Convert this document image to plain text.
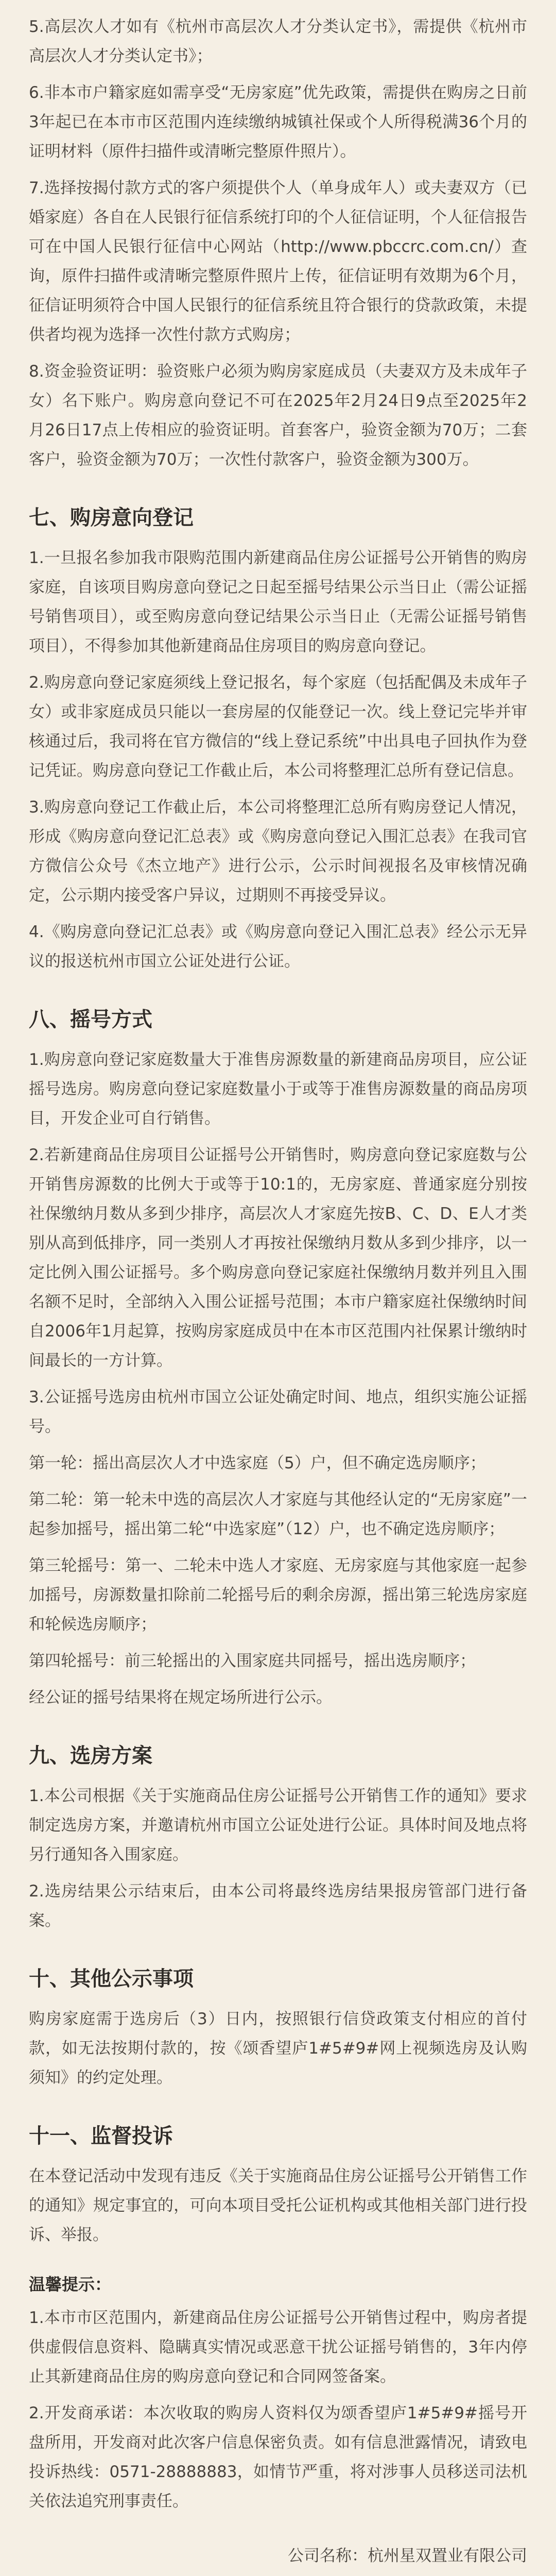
5.高层次人才如有《杭州市高层次人才分类认定书》，需提供《杭州市高层次人才分类认定书》；

6.非本市户籍家庭如需享受“无房家庭”优先政策，需提供在购房之日前3年起已在本市市区范围内连续缴纳城镇社保或个人所得税满36个月的证明材料（原件扫描件或清晰完整原件照片）。

7.选择按揭付款方式的客户须提供个人（单身成年人）或夫妻双方（已婚家庭）各自在人民银行征信系统打印的个人征信证明，个人征信报告可在中国人民银行征信中心网站（http://www.pbccrc.com.cn/）查询，原件扫描件或清晰完整原件照片上传，征信证明有效期为6个月，征信证明须符合中国人民银行的征信系统且符合银行的贷款政策，未提供者均视为选择一次性付款方式购房；

8.资金验资证明：验资账户必须为购房家庭成员（夫妻双方及未成年子女）名下账户。购房意向登记不可在2025年2月24日9点至2025年2月26日17点上传相应的验资证明。首套客户，验资金额为70万；二套客户，验资金额为70万；一次性付款客户，验资金额为300万。

七、购房意向登记

1.一旦报名参加我市限购范围内新建商品住房公证摇号公开销售的购房家庭，自该项目购房意向登记之日起至摇号结果公示当日止（需公证摇号销售项目），或至购房意向登记结果公示当日止（无需公证摇号销售项目），不得参加其他新建商品住房项目的购房意向登记。

2.购房意向登记家庭须线上登记报名，每个家庭（包括配偶及未成年子女）或非家庭成员只能以一套房屋的仅能登记一次。线上登记完毕并审核通过后，我司将在官方微信的“线上登记系统”中出具电子回执作为登记凭证。购房意向登记工作截止后，本公司将整理汇总所有登记信息。

3.购房意向登记工作截止后，本公司将整理汇总所有购房登记人情况，形成《购房意向登记汇总表》或《购房意向登记入围汇总表》在我司官方微信公众号《杰立地产》进行公示，公示时间视报名及审核情况确定，公示期内接受客户异议，过期则不再接受异议。

4.《购房意向登记汇总表》或《购房意向登记入围汇总表》经公示无异议的报送杭州市国立公证处进行公证。

八、摇号方式

1.购房意向登记家庭数量大于准售房源数量的新建商品房项目，应公证摇号选房。购房意向登记家庭数量小于或等于准售房源数量的商品房项目，开发企业可自行销售。

2.若新建商品住房项目公证摇号公开销售时，购房意向登记家庭数与公开销售房源数的比例大于或等于10:1的，无房家庭、普通家庭分别按社保缴纳月数从多到少排序，高层次人才家庭先按B、C、D、E人才类别从高到低排序，同一类别人才再按社保缴纳月数从多到少排序，以一定比例入围公证摇号。多个购房意向登记家庭社保缴纳月数并列且入围名额不足时，全部纳入入围公证摇号范围；本市户籍家庭社保缴纳时间自2006年1月起算，按购房家庭成员中在本市区范围内社保累计缴纳时间最长的一方计算。

3.公证摇号选房由杭州市国立公证处确定时间、地点，组织实施公证摇号。

第一轮：摇出高层次人才中选家庭（5）户，但不确定选房顺序；

第二轮：第一轮未中选的高层次人才家庭与其他经认定的“无房家庭”一起参加摇号，摇出第二轮“中选家庭”（12）户，也不确定选房顺序；

第三轮摇号：第一、二轮未中选人才家庭、无房家庭与其他家庭一起参加摇号，房源数量扣除前二轮摇号后的剩余房源，摇出第三轮选房家庭和轮候选房顺序；

第四轮摇号：前三轮摇出的入围家庭共同摇号，摇出选房顺序；

经公证的摇号结果将在规定场所进行公示。

九、选房方案

1.本公司根据《关于实施商品住房公证摇号公开销售工作的通知》要求制定选房方案，并邀请杭州市国立公证处进行公证。具体时间及地点将另行通知各入围家庭。

2.选房结果公示结束后，由本公司将最终选房结果报房管部门进行备案。

十、其他公示事项

购房家庭需于选房后（3）日内，按照银行信贷政策支付相应的首付款，如无法按期付款的，按《颂香望庐1#5#9#网上视频选房及认购须知》的约定处理。

十一、监督投诉

在本登记活动中发现有违反《关于实施商品住房公证摇号公开销售工作的通知》规定事宜的，可向本项目受托公证机构或其他相关部门进行投诉、举报。

温馨提示：

1.本市市区范围内，新建商品住房公证摇号公开销售过程中，购房者提供虚假信息资料、隐瞒真实情况或恶意干扰公证摇号销售的，3年内停止其新建商品住房的购房意向登记和合同网签备案。

2.开发商承诺：本次收取的购房人资料仅为颂香望庐1#5#9#摇号开盘所用，开发商对此次客户信息保密负责。如有信息泄露情况，请致电投诉热线：0571-28888883，如情节严重，将对涉事人员移送司法机关依法追究刑事责任。

公司名称：杭州星双置业有限公司
